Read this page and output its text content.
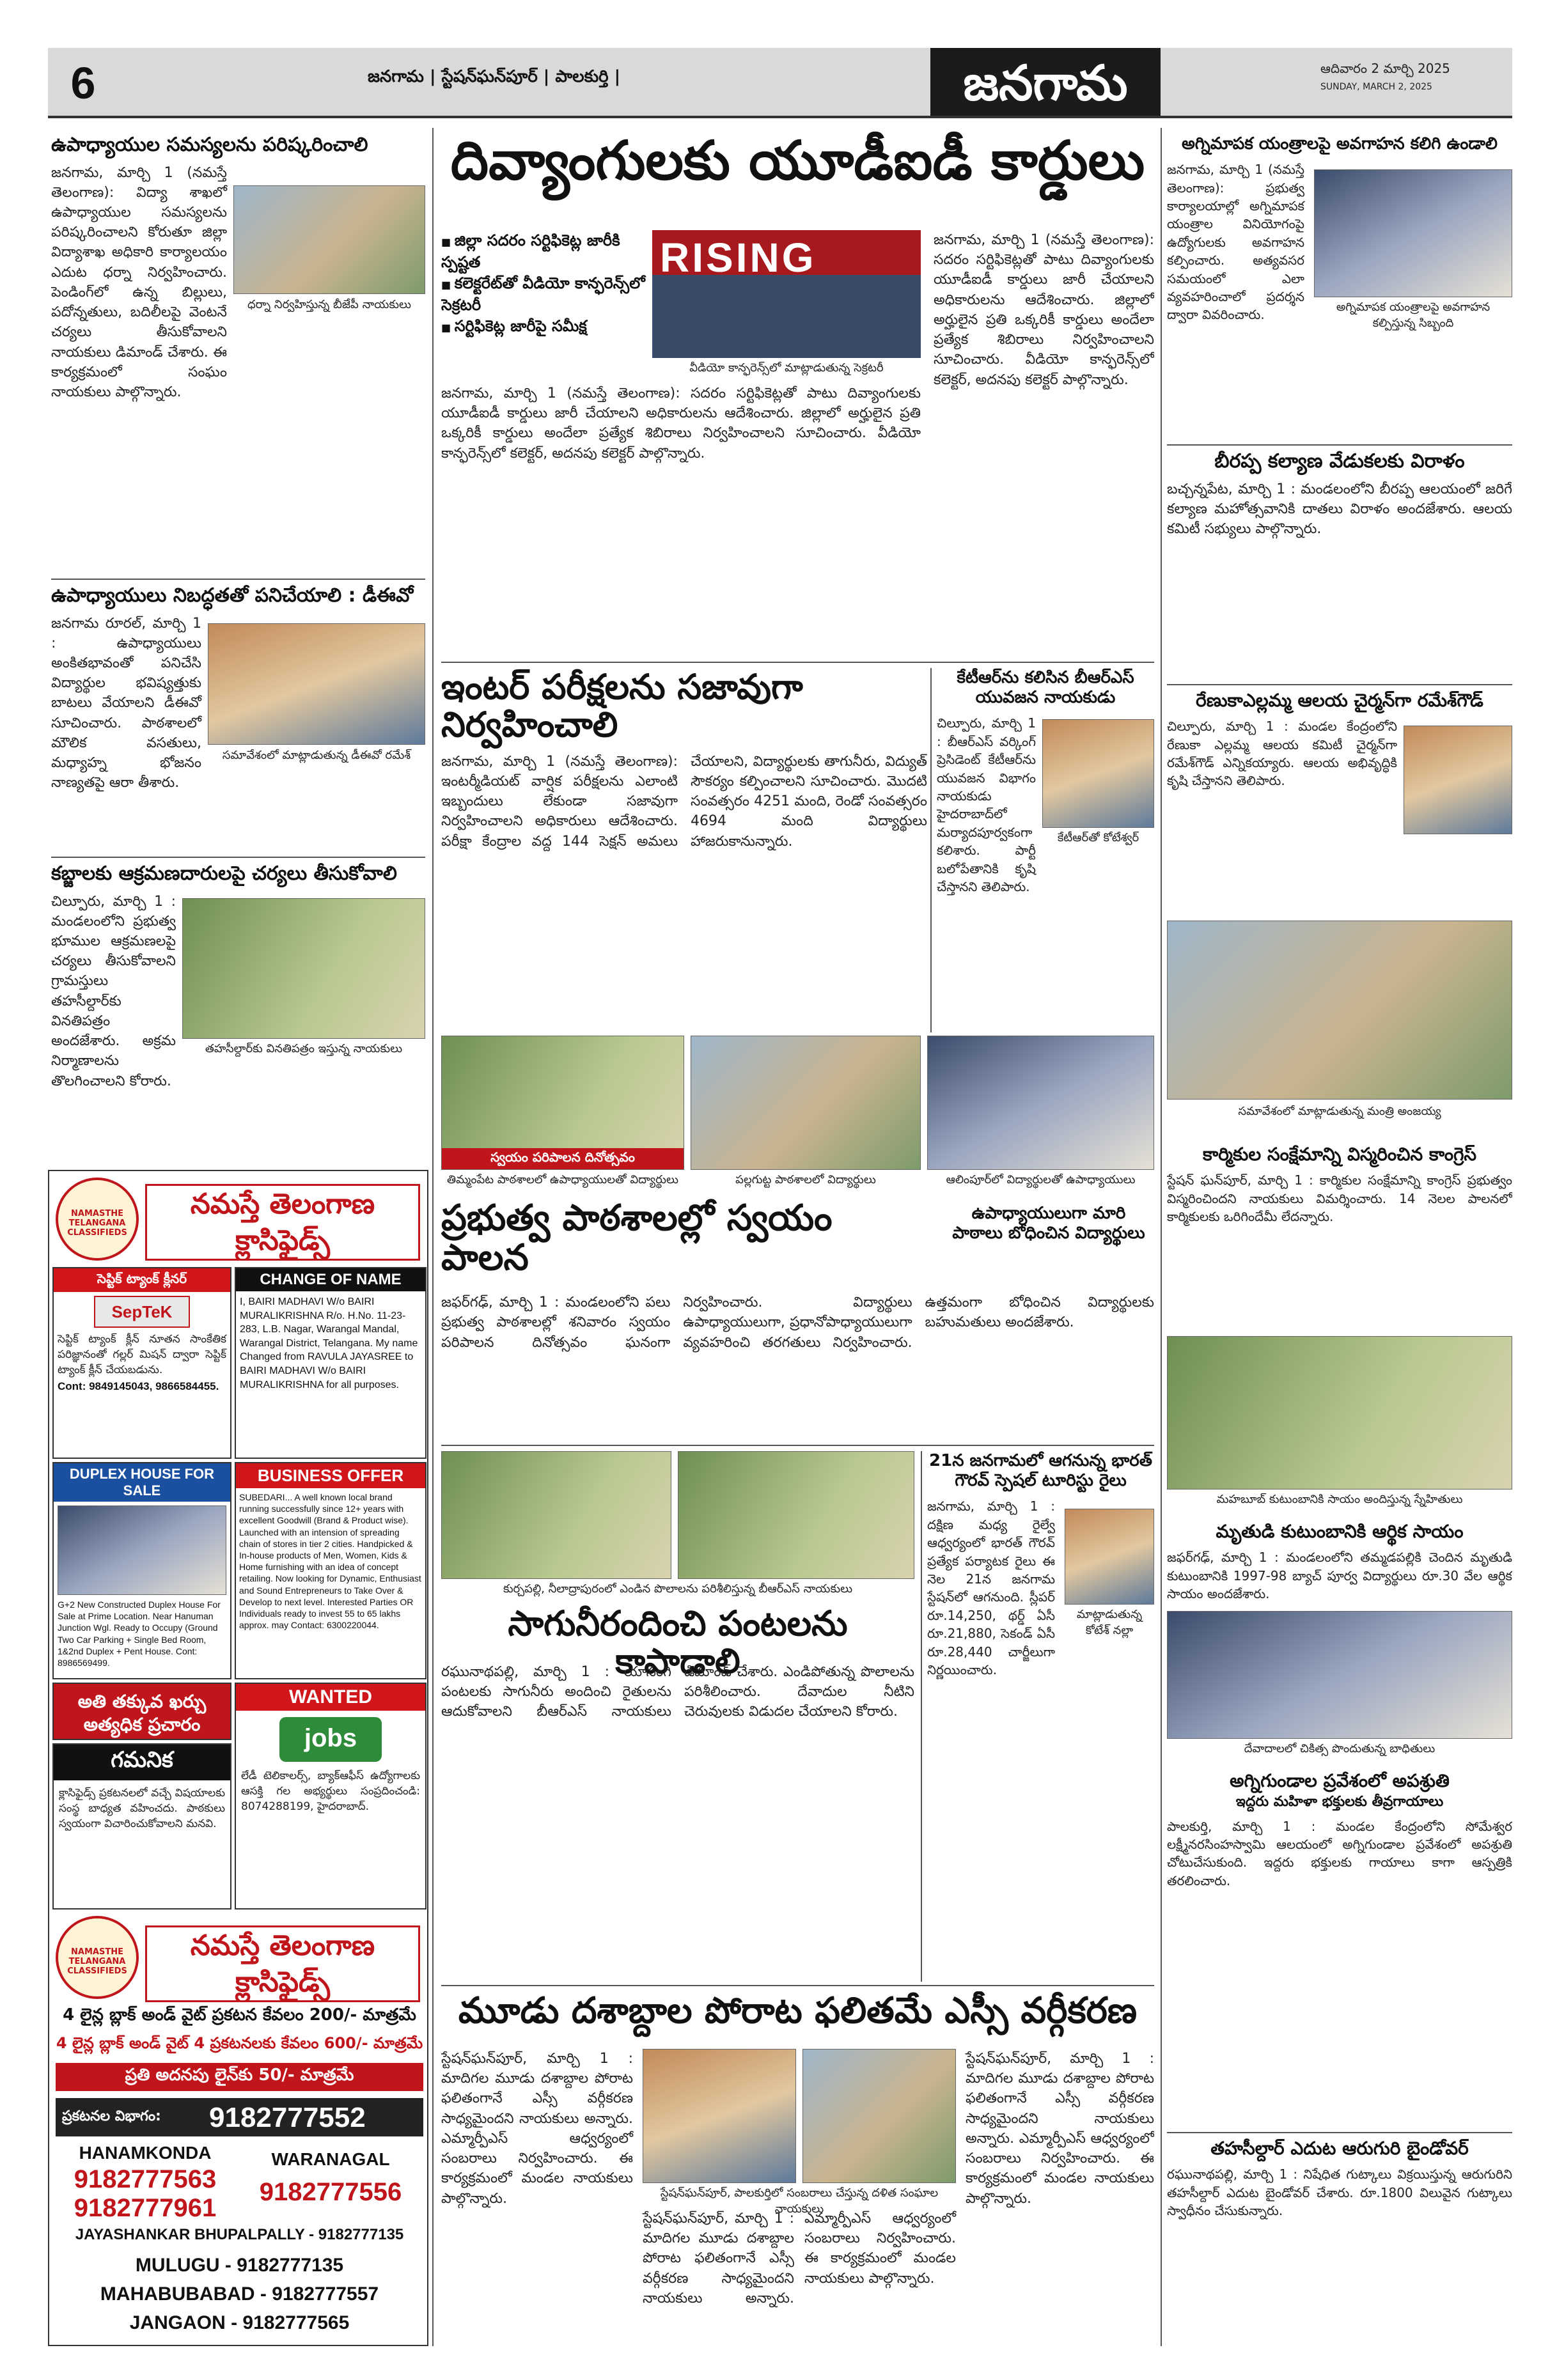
6	జనగామ | స్టేషన్‌ఘన్‌పూర్ | పాలకుర్తి |	జనగామ	ఆదివారం 2 మార్చి 2025
SUNDAY, MARCH 2, 2025
ఉపాధ్యాయుల సమస్యలను పరిష్కరించాలి
ధర్నా నిర్వహిస్తున్న బీజేపీ నాయకులు
జనగామ, మార్చి 1 (నమస్తే తెలంగాణ): విద్యా శాఖలో ఉపాధ్యాయుల సమస్యలను పరిష్కరించాలని కోరుతూ జిల్లా విద్యాశాఖ అధికారి కార్యాలయం ఎదుట ధర్నా నిర్వహించారు. పెండింగ్‌లో ఉన్న బిల్లులు, పదోన్నతులు, బదిలీలపై వెంటనే చర్యలు తీసుకోవాలని నాయకులు డిమాండ్ చేశారు. ఈ కార్యక్రమంలో సంఘం నాయకులు పాల్గొన్నారు.
ఉపాధ్యాయులు నిబద్ధతతో పనిచేయాలి : డీఈవో
సమావేశంలో మాట్లాడుతున్న డీఈవో రమేశ్
జనగామ రూరల్, మార్చి 1 : ఉపాధ్యాయులు అంకితభావంతో పనిచేసి విద్యార్థుల భవిష్యత్తుకు బాటలు వేయాలని డీఈవో సూచించారు. పాఠశాలలో మౌలిక వసతులు, మధ్యాహ్న భోజనం నాణ్యతపై ఆరా తీశారు.
కబ్జాలకు ఆక్రమణదారులపై చర్యలు తీసుకోవాలి
తహసీల్దార్‌కు వినతిపత్రం ఇస్తున్న నాయకులు
చిల్పూరు, మార్చి 1 : మండలంలోని ప్రభుత్వ భూముల ఆక్రమణలపై చర్యలు తీసుకోవాలని గ్రామస్తులు తహసీల్దార్‌కు వినతిపత్రం అందజేశారు. అక్రమ నిర్మాణాలను తొలగించాలని కోరారు.
NAMASTHE TELANGANA CLASSIFIEDS
నమస్తే తెలంగాణ క్లాసిఫైడ్స్
సెప్టిక్ ట్యాంక్ క్లీనర్
SepTeK
సెప్టిక్ ట్యాంక్ క్లీన్ నూతన సాంకేతిక పరిజ్ఞానంతో గల్లర్ మిషన్ ద్వారా సెప్టిక్ ట్యాంక్ క్లీన్ చేయబడును.
Cont: 9849145043, 9866584455.
CHANGE OF NAME
I, BAIRI MADHAVI W/o BAIRI MURALIKRISHNA R/o. H.No. 11-23-283, L.B. Nagar, Warangal Mandal, Warangal District, Telangana. My name Changed from RAVULA JAYASREE to BAIRI MADHAVI W/o BAIRI MURALIKRISHNA for all purposes.
DUPLEX HOUSE FOR SALE
G+2 New Constructed Duplex House For Sale at Prime Location. Near Hanuman Junction Wgl. Ready to Occupy (Ground Two Car Parking + Single Bed Room, 1&2nd Duplex + Pent House. Cont: 8986569499.
BUSINESS OFFER
SUBEDARI... A well known local brand running successfully since 12+ years with excellent Goodwill (Brand & Product wise). Launched with an intension of spreading chain of stores in tier 2 cities. Handpicked & In-house products of Men, Women, Kids & Home furnishing with an idea of concept retailing. Now looking for Dynamic, Enthusiast and Sound Entrepreneurs to Take Over & Develop to next level. Interested Parties OR Individuals ready to invest 55 to 65 lakhs approx. may Contact: 6300220044.
అతి తక్కువ ఖర్చు అత్యధిక ప్రచారం
గమనిక
క్లాసిఫైడ్స్ ప్రకటనలలో వచ్చే విషయాలకు సంస్థ బాధ్యత వహించదు. పాఠకులు స్వయంగా విచారించుకోవాలని మనవి.
WANTED
jobs
లేడీ టెలికాలర్స్, బ్యాక్ఆఫీస్ ఉద్యోగాలకు ఆసక్తి గల అభ్యర్థులు సంప్రదించండి: 8074288199, హైదరాబాద్.
NAMASTHE TELANGANA CLASSIFIEDS
నమస్తే తెలంగాణ క్లాసిఫైడ్స్
4 లైన్ల బ్లాక్ అండ్ వైట్ ప్రకటన కేవలం 200/- మాత్రమే
4 లైన్ల బ్లాక్ అండ్ వైట్ 4 ప్రకటనలకు కేవలం 600/- మాత్రమే
ప్రతి అదనపు లైన్‌కు 50/- మాత్రమే
ప్రకటనల విభాగం: 9182777552
HANAMKONDA
9182777563
9182777961
WARANAGAL
9182777556
JAYASHANKAR BHUPALPALLY - 9182777135
MULUGU - 9182777135
MAHABUBABAD - 9182777557
JANGAON - 9182777565
దివ్యాంగులకు యూడీఐడీ కార్డులు
■ జిల్లా సదరం సర్టిఫికెట్ల జారీకి స్పష్టత
■ కలెక్టరేట్‌తో వీడియో కాన్ఫరెన్స్‌లో సెక్రటరీ
■ సర్టిఫికెట్ల జారీపై సమీక్ష
RISING
వీడియో కాన్ఫరెన్స్‌లో మాట్లాడుతున్న సెక్రటరీ
జనగామ, మార్చి 1 (నమస్తే తెలంగాణ): సదరం సర్టిఫికెట్లతో పాటు దివ్యాంగులకు యూడీఐడీ కార్డులు జారీ చేయాలని అధికారులను ఆదేశించారు. జిల్లాలో అర్హులైన ప్రతి ఒక్కరికీ కార్డులు అందేలా ప్రత్యేక శిబిరాలు నిర్వహించాలని సూచించారు. వీడియో కాన్ఫరెన్స్‌లో కలెక్టర్, అదనపు కలెక్టర్ పాల్గొన్నారు.
జనగామ, మార్చి 1 (నమస్తే తెలంగాణ): సదరం సర్టిఫికెట్లతో పాటు దివ్యాంగులకు యూడీఐడీ కార్డులు జారీ చేయాలని అధికారులను ఆదేశించారు. జిల్లాలో అర్హులైన ప్రతి ఒక్కరికీ కార్డులు అందేలా ప్రత్యేక శిబిరాలు నిర్వహించాలని సూచించారు. వీడియో కాన్ఫరెన్స్‌లో కలెక్టర్, అదనపు కలెక్టర్ పాల్గొన్నారు.
ఇంటర్ పరీక్షలను సజావుగా నిర్వహించాలి
జనగామ, మార్చి 1 (నమస్తే తెలంగాణ): ఇంటర్మీడియట్ వార్షిక పరీక్షలను ఎలాంటి ఇబ్బందులు లేకుండా సజావుగా నిర్వహించాలని అధికారులు ఆదేశించారు. పరీక్షా కేంద్రాల వద్ద 144 సెక్షన్ అమలు చేయాలని, విద్యార్థులకు తాగునీరు, విద్యుత్ సౌకర్యం కల్పించాలని సూచించారు. మొదటి సంవత్సరం 4251 మంది, రెండో సంవత్సరం 4694 మంది విద్యార్థులు హాజరుకానున్నారు.
కేటీఆర్‌ను కలిసిన బీఆర్‌ఎస్ యువజన నాయకుడు
కేటీఆర్‌తో కోటేశ్వర్
చిల్పూరు, మార్చి 1 : బీఆర్‌ఎస్ వర్కింగ్ ప్రెసిడెంట్ కేటీఆర్‌ను యువజన విభాగం నాయకుడు హైదరాబాద్‌లో మర్యాదపూర్వకంగా కలిశారు. పార్టీ బలోపేతానికి కృషి చేస్తానని తెలిపారు.
స్వయం పరిపాలన దినోత్సవం
తిమ్మంపేట పాఠశాలలో ఉపాధ్యాయులతో విద్యార్థులు	పల్లగుట్ట పాఠశాలలో విద్యార్థులు	ఆలింపూర్‌లో విద్యార్థులతో ఉపాధ్యాయులు
ప్రభుత్వ పాఠశాలల్లో స్వయం పాలన
ఉపాధ్యాయులుగా మారి పాఠాలు బోధించిన విద్యార్థులు
జఫర్‌గఢ్, మార్చి 1 : మండలంలోని పలు ప్రభుత్వ పాఠశాలల్లో శనివారం స్వయం పరిపాలన దినోత్సవం ఘనంగా నిర్వహించారు. విద్యార్థులు ఉపాధ్యాయులుగా, ప్రధానోపాధ్యాయులుగా వ్యవహరించి తరగతులు నిర్వహించారు. ఉత్తమంగా బోధించిన విద్యార్థులకు బహుమతులు అందజేశారు.
కుర్చపల్లి, నీలాద్రాపురంలో ఎండిన పొలాలను పరిశీలిస్తున్న బీఆర్‌ఎస్ నాయకులు
సాగునీరందించి పంటలను కాపాడాలి
రఘునాథపల్లి, మార్చి 1 : యాసంగి పంటలకు సాగునీరు అందించి రైతులను ఆదుకోవాలని బీఆర్‌ఎస్ నాయకులు డిమాండ్ చేశారు. ఎండిపోతున్న పొలాలను పరిశీలించారు. దేవాదుల నీటిని చెరువులకు విడుదల చేయాలని కోరారు.
21న జనగామలో ఆగనున్న భారత్ గౌరవ్ స్పెషల్ టూరిస్టు రైలు
మాట్లాడుతున్న కోటేశ్ నల్లా
జనగామ, మార్చి 1 : దక్షిణ మధ్య రైల్వే ఆధ్వర్యంలో భారత్ గౌరవ్ ప్రత్యేక పర్యాటక రైలు ఈ నెల 21న జనగామ స్టేషన్‌లో ఆగనుంది. స్లీపర్ రూ.14,250, థర్డ్ ఏసీ రూ.21,880, సెకండ్ ఏసీ రూ.28,440 చార్జీలుగా నిర్ణయించారు.
మూడు దశాబ్దాల పోరాట ఫలితమే ఎస్సీ వర్గీకరణ
స్టేషన్‌ఘన్‌పూర్, మార్చి 1 : మాదిగల మూడు దశాబ్దాల పోరాట ఫలితంగానే ఎస్సీ వర్గీకరణ సాధ్యమైందని నాయకులు అన్నారు. ఎమ్మార్పీఎస్ ఆధ్వర్యంలో సంబరాలు నిర్వహించారు. ఈ కార్యక్రమంలో మండల నాయకులు పాల్గొన్నారు.	స్టేషన్‌ఘన్‌పూర్, పాలకుర్తిలో సంబరాలు చేస్తున్న దళిత సంఘాల నాయకులు
స్టేషన్‌ఘన్‌పూర్, మార్చి 1 : మాదిగల మూడు దశాబ్దాల పోరాట ఫలితంగానే ఎస్సీ వర్గీకరణ సాధ్యమైందని నాయకులు అన్నారు. ఎమ్మార్పీఎస్ ఆధ్వర్యంలో సంబరాలు నిర్వహించారు. ఈ కార్యక్రమంలో మండల నాయకులు పాల్గొన్నారు.
స్టేషన్‌ఘన్‌పూర్, మార్చి 1 : మాదిగల మూడు దశాబ్దాల పోరాట ఫలితంగానే ఎస్సీ వర్గీకరణ సాధ్యమైందని నాయకులు అన్నారు. ఎమ్మార్పీఎస్ ఆధ్వర్యంలో సంబరాలు నిర్వహించారు. ఈ కార్యక్రమంలో మండల నాయకులు పాల్గొన్నారు.
అగ్నిమాపక యంత్రాలపై అవగాహన కలిగి ఉండాలి
అగ్నిమాపక యంత్రాలపై అవగాహన కల్పిస్తున్న సిబ్బంది
జనగామ, మార్చి 1 (నమస్తే తెలంగాణ): ప్రభుత్వ కార్యాలయాల్లో అగ్నిమాపక యంత్రాల వినియోగంపై ఉద్యోగులకు అవగాహన కల్పించారు. అత్యవసర సమయంలో ఎలా వ్యవహరించాలో ప్రదర్శన ద్వారా వివరించారు.
బీరప్ప కల్యాణ వేడుకలకు విరాళం
బచ్చన్నపేట, మార్చి 1 : మండలంలోని బీరప్ప ఆలయంలో జరిగే కల్యాణ మహోత్సవానికి దాతలు విరాళం అందజేశారు. ఆలయ కమిటీ సభ్యులు పాల్గొన్నారు.
రేణుకాఎల్లమ్మ ఆలయ చైర్మన్‌గా రమేశ్‌గౌడ్
చిల్పూరు, మార్చి 1 : మండల కేంద్రంలోని రేణుకా ఎల్లమ్మ ఆలయ కమిటీ చైర్మన్‌గా రమేశ్‌గౌడ్ ఎన్నికయ్యారు. ఆలయ అభివృద్ధికి కృషి చేస్తానని తెలిపారు.
సమావేశంలో మాట్లాడుతున్న మంత్రి అంజయ్య
కార్మికుల సంక్షేమాన్ని విస్మరించిన కాంగ్రెస్
స్టేషన్ ఘన్‌పూర్, మార్చి 1 : కార్మికుల సంక్షేమాన్ని కాంగ్రెస్ ప్రభుత్వం విస్మరించిందని నాయకులు విమర్శించారు. 14 నెలల పాలనలో కార్మికులకు ఒరిగిందేమీ లేదన్నారు.
మహబూబ్ కుటుంబానికి సాయం అందిస్తున్న స్నేహితులు
మృతుడి కుటుంబానికి ఆర్థిక సాయం
జఫర్‌గఢ్, మార్చి 1 : మండలంలోని తమ్మడపల్లికి చెందిన మృతుడి కుటుంబానికి 1997-98 బ్యాచ్ పూర్వ విద్యార్థులు రూ.30 వేల ఆర్థిక సాయం అందజేశారు.
దేవాదాలలో చికిత్స పొందుతున్న బాధితులు
అగ్నిగుండాల ప్రవేశంలో అపశ్రుతి
ఇద్దరు మహిళా భక్తులకు తీవ్రగాయాలు
పాలకుర్తి, మార్చి 1 : మండల కేంద్రంలోని సోమేశ్వర లక్ష్మీనరసింహస్వామి ఆలయంలో అగ్నిగుండాల ప్రవేశంలో అపశ్రుతి చోటుచేసుకుంది. ఇద్దరు భక్తులకు గాయాలు కాగా ఆస్పత్రికి తరలించారు.
తహసీల్దార్ ఎదుట ఆరుగురి బైండోవర్
రఘునాథపల్లి, మార్చి 1 : నిషేధిత గుట్కాలు విక్రయిస్తున్న ఆరుగురిని తహసీల్దార్ ఎదుట బైండోవర్ చేశారు. రూ.1800 విలువైన గుట్కాలు స్వాధీనం చేసుకున్నారు.
